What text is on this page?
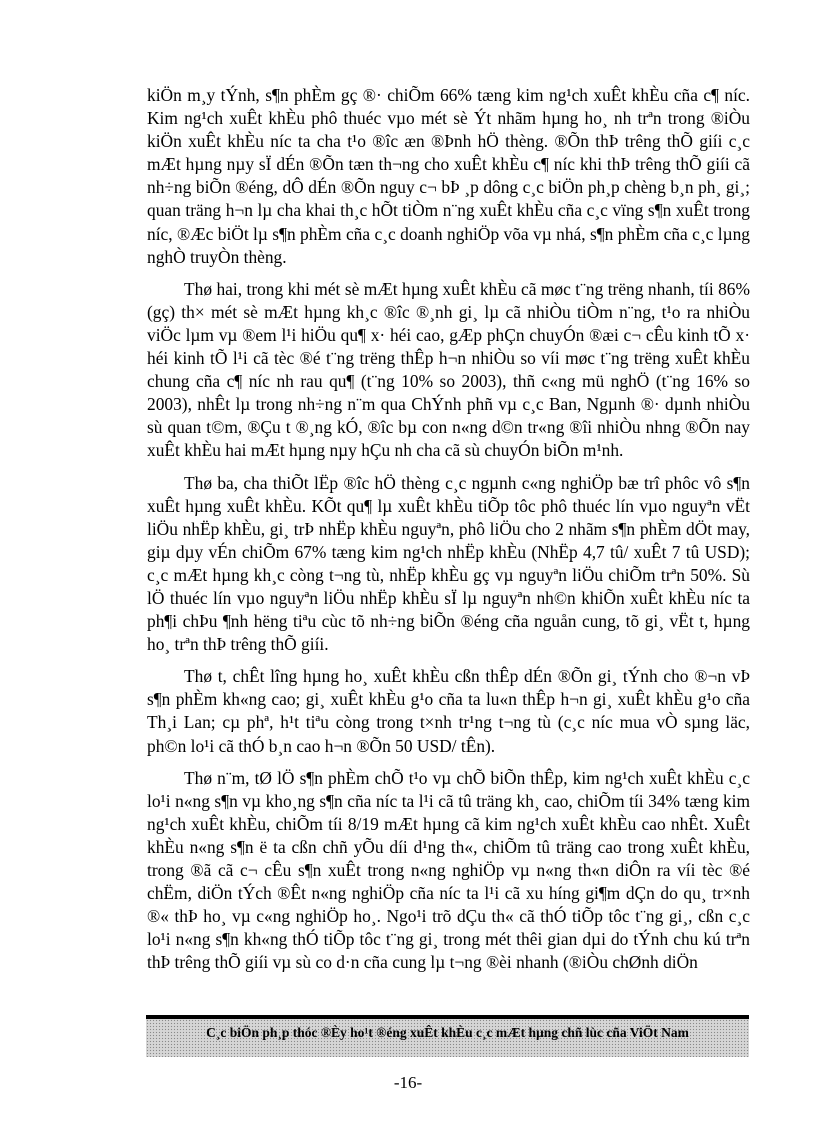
kiÖn m¸y tÝnh, s¶n phÈm gç ®· chiÕm 66% tæng kim ng¹ch xuÊt khÈu cña c¶ níc. Kim ng¹ch xuÊt khÈu phô thuéc vµo mét sè Ýt nhãm hµng ho¸ nh trªn trong ®iÒu kiÖn xuÊt khÈu níc ta cha t¹o ®îc æn ®Þnh hÖ thèng. ®Õn thÞ trêng thÕ giíi c¸c mÆt hµng nµy sÏ dÉn ®Õn tæn th¬ng cho xuÊt khÈu c¶ níc khi thÞ trêng thÕ giíi cã nh÷ng biÕn ®éng, dÔ dÉn ®Õn nguy c¬ bÞ ¸p dông c¸c biÖn ph¸p chèng b¸n ph¸ gi¸; quan träng h¬n lµ cha khai th¸c hÕt tiÒm n¨ng xuÊt khÈu cña c¸c vïng s¶n xuÊt trong níc, ®Æc biÖt lµ s¶n phÈm cña c¸c doanh nghiÖp võa vµ nhá, s¶n phÈm cña c¸c lµng nghÒ truyÒn thèng.

Thø hai, trong khi mét sè mÆt hµng xuÊt khÈu cã møc t¨ng trëng nhanh, tíi 86% (gç) th× mét sè mÆt hµng kh¸c ®îc ®¸nh gi¸ lµ cã nhiÒu tiÒm n¨ng, t¹o ra nhiÒu viÖc lµm vµ ®em l¹i hiÖu qu¶ x· héi cao, gÆp phÇn chuyÓn ®æi c¬ cÊu kinh tÕ x· héi kinh tÕ l¹i cã tèc ®é t¨ng trëng thÊp h¬n nhiÒu so víi møc t¨ng trëng xuÊt khÈu chung cña c¶ níc nh rau qu¶ (t¨ng 10% so 2003), thñ c«ng mü nghÖ (t¨ng 16% so 2003), nhÊt lµ trong nh÷ng n¨m qua ChÝnh phñ vµ c¸c Ban, Ngµnh ®· dµnh nhiÒu sù quan t©m, ®Çu t ®¸ng kÓ, ®îc bµ con n«ng d©n tr«ng ®îi nhiÒu nhng ®Õn nay xuÊt khÈu hai mÆt hµng nµy hÇu nh cha cã sù chuyÓn biÕn m¹nh.

Thø ba, cha thiÕt lËp ®îc hÖ thèng c¸c ngµnh c«ng nghiÖp bæ trî phôc vô s¶n xuÊt hµng xuÊt khÈu. KÕt qu¶ lµ xuÊt khÈu tiÕp tôc phô thuéc lín vµo nguyªn vËt liÖu nhËp khÈu, gi¸ trÞ nhËp khÈu nguyªn, phô liÖu cho 2 nhãm s¶n phÈm dÖt may, giµ dµy vÉn chiÕm 67% tæng kim ng¹ch nhËp khÈu (NhËp 4,7 tû/ xuÊt 7 tû USD); c¸c mÆt hµng kh¸c còng t¬ng tù, nhËp khÈu gç vµ nguyªn liÖu chiÕm trªn 50%. Sù lÖ thuéc lín vµo nguyªn liÖu nhËp khÈu sÏ lµ nguyªn nh©n khiÕn xuÊt khÈu níc ta ph¶i chÞu ¶nh hëng tiªu cùc tõ nh÷ng biÕn ®éng cña nguån cung, tõ gi¸ vËt t, hµng ho¸ trªn thÞ trêng thÕ giíi.

Thø t, chÊt lîng hµng ho¸ xuÊt khÈu cßn thÊp dÉn ®Õn gi¸ tÝnh cho ®¬n vÞ s¶n phÈm kh«ng cao; gi¸ xuÊt khÈu g¹o cña ta lu«n thÊp h¬n gi¸ xuÊt khÈu g¹o cña Th¸i Lan; cµ phª, h¹t tiªu còng trong t×nh tr¹ng t¬ng tù (c¸c níc mua vÒ sµng läc, ph©n lo¹i cã thÓ b¸n cao h¬n ®Õn 50 USD/ tÊn).

Thø n¨m, tØ lÖ s¶n phÈm chÕ t¹o vµ chÕ biÕn thÊp, kim ng¹ch xuÊt khÈu c¸c lo¹i n«ng s¶n vµ kho¸ng s¶n cña níc ta l¹i cã tû träng kh¸ cao, chiÕm tíi 34% tæng kim ng¹ch xuÊt khÈu, chiÕm tíi 8/19 mÆt hµng cã kim ng¹ch xuÊt khÈu cao nhÊt. XuÊt khÈu n«ng s¶n ë ta cßn chñ yÕu díi d¹ng th«, chiÕm tû träng cao trong xuÊt khÈu, trong ®ã cã c¬ cÊu s¶n xuÊt trong n«ng nghiÖp vµ n«ng th«n diÔn ra víi tèc ®é chËm, diÖn tÝch ®Êt n«ng nghiÖp cña níc ta l¹i cã xu híng gi¶m dÇn do qu¸ tr×nh ®« thÞ ho¸ vµ c«ng nghiÖp ho¸. Ngo¹i trõ dÇu th« cã thÓ tiÕp tôc t¨ng gi¸, cßn c¸c lo¹i n«ng s¶n kh«ng thÓ tiÕp tôc t¨ng gi¸ trong mét thêi gian dµi do tÝnh chu kú trªn thÞ trêng thÕ giíi vµ sù co d·n cña cung lµ t¬ng ®èi nhanh (®iÒu chØnh diÖn

C¸c biÖn ph¸p thóc ®Èy ho¹t ®éng xuÊt khÈu c¸c mÆt hµng chñ lùc cña ViÖt Nam
-16-
